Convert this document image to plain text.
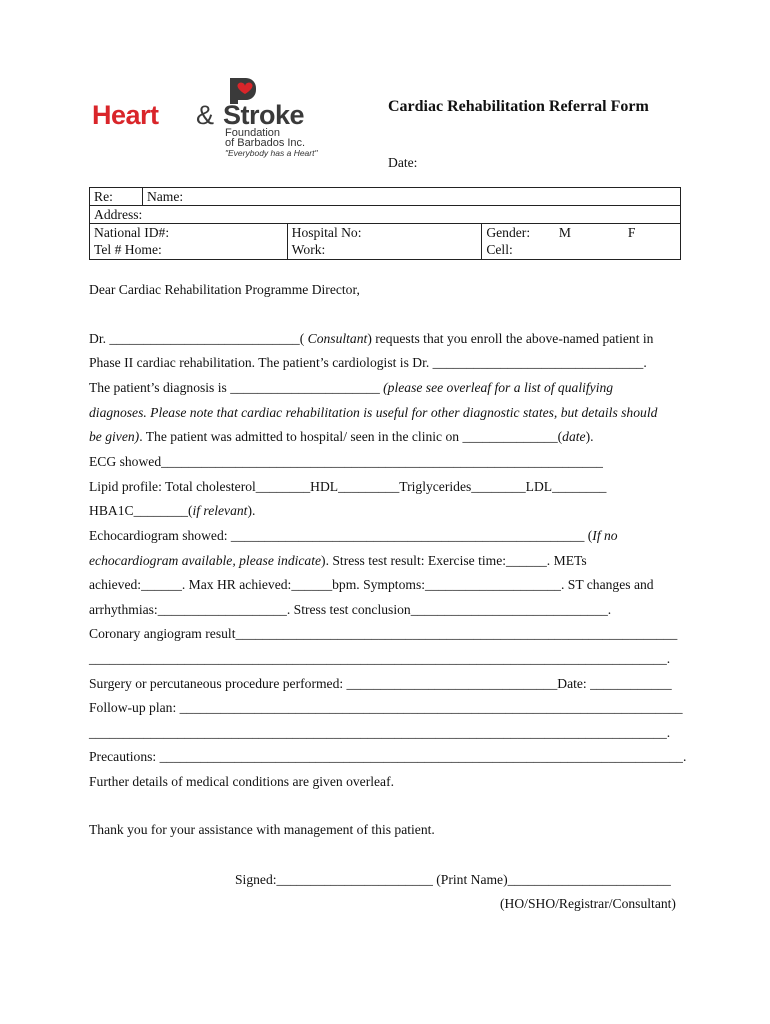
Heart & Stroke
Foundation
of Barbados Inc.
"Everybody has a Heart"
Cardiac Rehabilitation Referral Form
Date:
Re:	Name:		
Address:			
National ID#:		Hospital No:	Gender: M F
Tel # Home:		Work:	Cell:
Dear Cardiac Rehabilitation Programme Director,
Dr. ____________________________( Consultant) requests that you enroll the above-named patient in
Phase II cardiac rehabilitation. The patient’s cardiologist is Dr. _______________________________.
The patient’s diagnosis is ______________________ (please see overleaf for a list of qualifying
diagnoses. Please note that cardiac rehabilitation is useful for other diagnostic states, but details should
be given). The patient was admitted to hospital/ seen in the clinic on ______________(date).
ECG showed_________________________________________________________________
Lipid profile: Total cholesterol________HDL_________Triglycerides________LDL________
HBA1C________(if relevant).
Echocardiogram showed: ____________________________________________________ (If no
echocardiogram available, please indicate). Stress test result: Exercise time:______. METs
achieved:______. Max HR achieved:______bpm. Symptoms:____________________. ST changes and
arrhythmias:___________________. Stress test conclusion_____________________________.
Coronary angiogram result_________________________________________________________________
_____________________________________________________________________________________.
Surgery or percutaneous procedure performed: _______________________________Date: ____________
Follow-up plan: __________________________________________________________________________
_____________________________________________________________________________________.
Precautions: _____________________________________________________________________________.
Further details of medical conditions are given overleaf.
Thank you for your assistance with management of this patient.
Signed:_______________________ (Print Name)________________________
(HO/SHO/Registrar/Consultant)
